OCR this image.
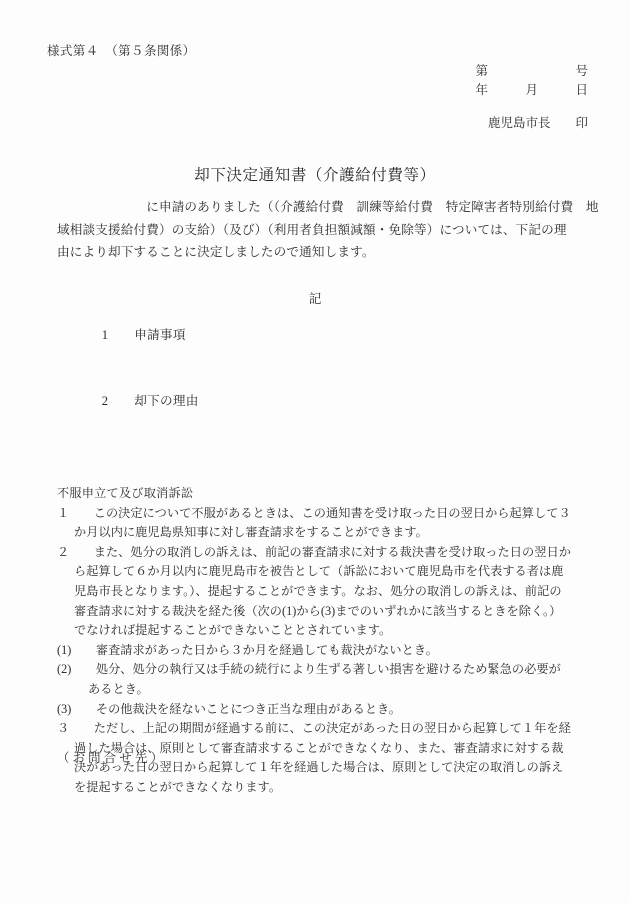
様式第４　（第５条関係）
第　　　　　　　号
年　　　月　　　日
鹿児島市長　　印
却下決定通知書（介護給付費等）
　　　　　　　に申請のありました（（介護給付費　訓練等給付費　特定障害者特別給付費　地
域相談支援給付費）の支給）（及び）（利用者負担額減額・免除等）については、下記の理
由により却下することに決定しましたので通知します。
記

1　　 申請事項

2　　 却下の理由

不服申立て及び取消訴訟
１　　この決定について不服があるときは、この通知書を受け取った日の翌日から起算して３
か月以内に鹿児島県知事に対し審査請求をすることができます。
２　　また、処分の取消しの訴えは、前記の審査請求に対する裁決書を受け取った日の翌日か
ら起算して６か月以内に鹿児島市を被告として（訴訟において鹿児島市を代表する者は鹿
児島市長となります。）、提起することができます。なお、処分の取消しの訴えは、前記の
審査請求に対する裁決を経た後（次の(1)から(3)までのいずれかに該当するときを除く。）
でなければ提起することができないこととされています。
(1)　　審査請求があった日から３か月を経過しても裁決がないとき。
(2)　　処分、処分の執行又は手続の続行により生ずる著しい損害を避けるため緊急の必要が
あるとき。
(3)　　その他裁決を経ないことにつき正当な理由があるとき。
３　　ただし、上記の期間が経過する前に、この決定があった日の翌日から起算して１年を経
過した場合は、原則として審査請求することができなくなり、また、審査請求に対する裁
決があった日の翌日から起算して１年を経過した場合は、原則として決定の取消しの訴え
を提起することができなくなります。
（お問合せ先）
